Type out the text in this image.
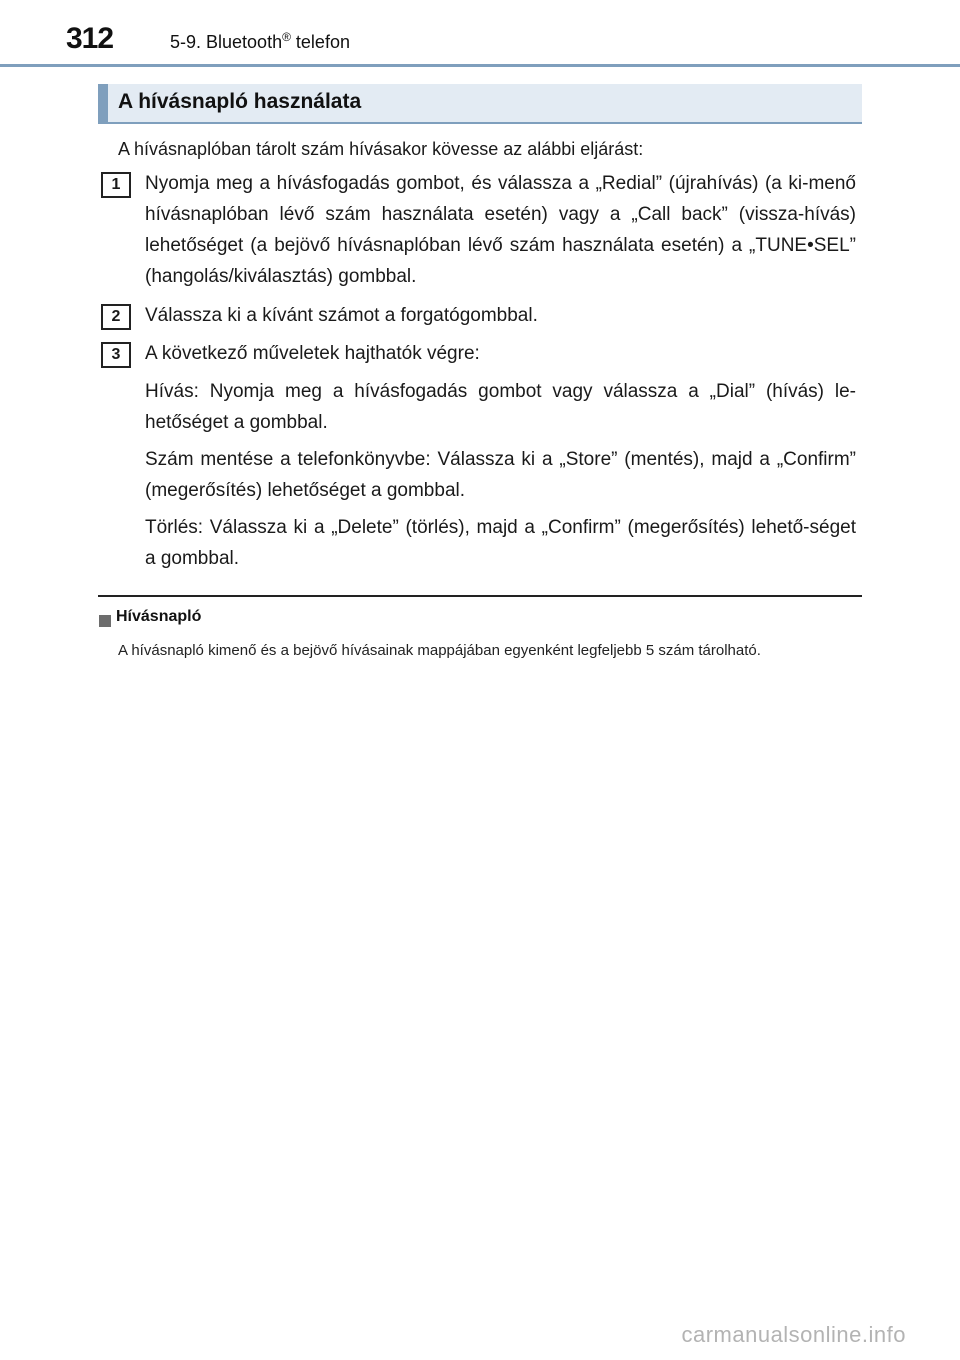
312	5-9. Bluetooth® telefon
A hívásnapló használata
A hívásnaplóban tárolt szám hívásakor kövesse az alábbi eljárást:
1	Nyomja meg a hívásfogadás gombot, és válassza a „Redial” (újrahívás) (a ki-menő hívásnaplóban lévő szám használata esetén) vagy a „Call back” (vissza-hívás) lehetőséget (a bejövő hívásnaplóban lévő szám használata esetén) a „TUNE•SEL” (hangolás/kiválasztás) gombbal.
2	Válassza ki a kívánt számot a forgatógombbal.
3	A következő műveletek hajthatók végre:
Hívás: Nyomja meg a hívásfogadás gombot vagy válassza a „Dial” (hívás) le-hetőséget a gombbal.
Szám mentése a telefonkönyvbe: Válassza ki a „Store” (mentés), majd a „Confirm” (megerősítés) lehetőséget a gombbal.
Törlés: Válassza ki a „Delete” (törlés), majd a „Confirm” (megerősítés) lehető-séget a gombbal.
Hívásnapló
A hívásnapló kimenő és a bejövő hívásainak mappájában egyenként legfeljebb 5 szám tárolható.
carmanualsonline.info
